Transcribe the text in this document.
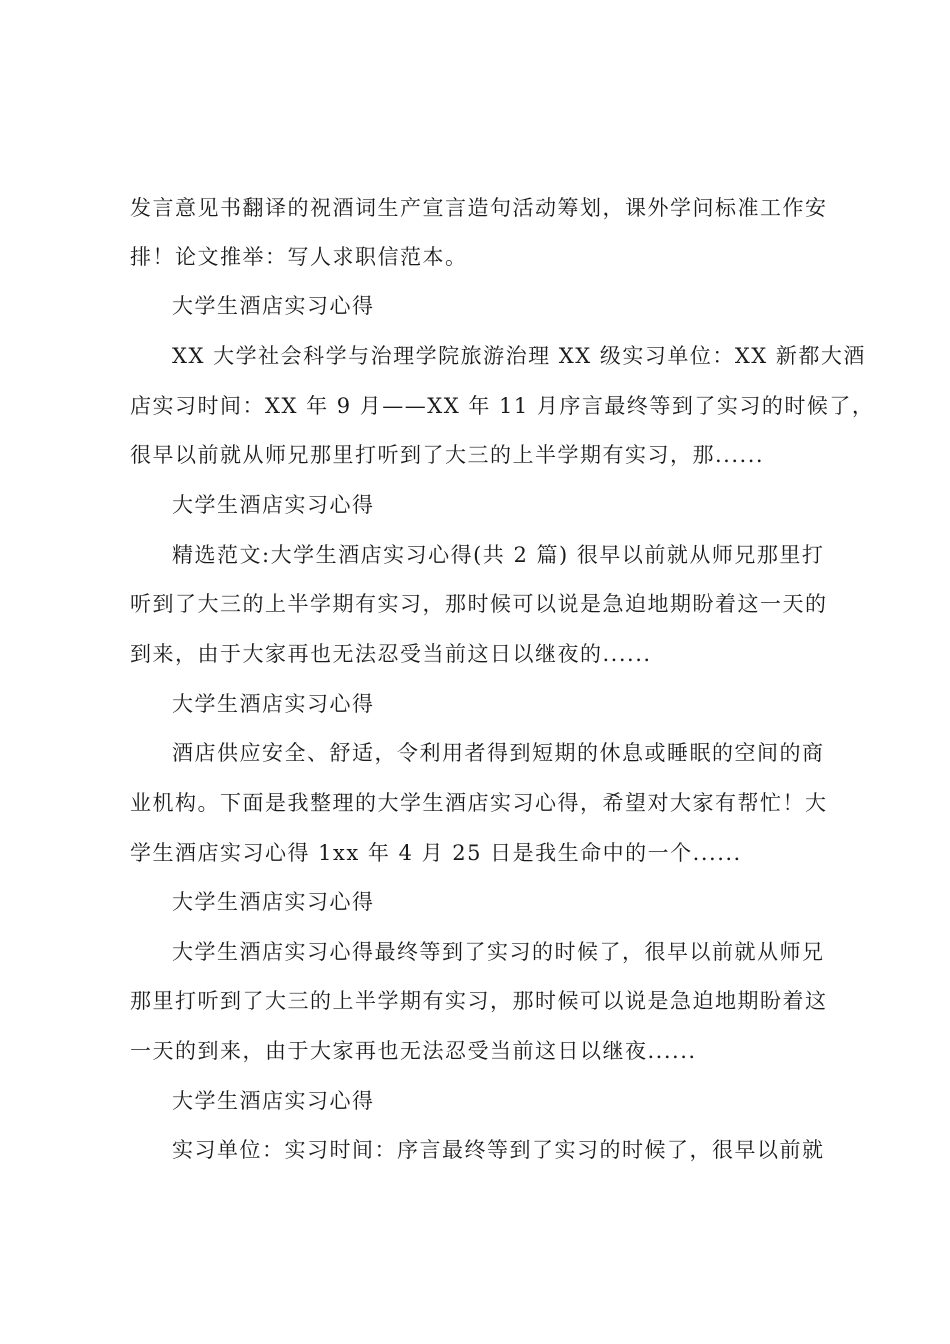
发言意见书翻译的祝酒词生产宣言造句活动筹划，课外学问标准工作安
排！论文推举：写人求职信范本。
大学生酒店实习心得
XX 大学社会科学与治理学院旅游治理 XX 级实习单位：XX 新都大酒
店实习时间：XX 年 9 月——XX 年 11 月序言最终等到了实习的时候了，
很早以前就从师兄那里打听到了大三的上半学期有实习，那......
大学生酒店实习心得
精选范文:大学生酒店实习心得(共 2 篇) 很早以前就从师兄那里打
听到了大三的上半学期有实习，那时候可以说是急迫地期盼着这一天的
到来，由于大家再也无法忍受当前这日以继夜的......
大学生酒店实习心得
酒店供应安全、舒适，令利用者得到短期的休息或睡眠的空间的商
业机构。下面是我整理的大学生酒店实习心得，希望对大家有帮忙！大
学生酒店实习心得 1xx 年 4 月 25 日是我生命中的一个......
大学生酒店实习心得
大学生酒店实习心得最终等到了实习的时候了，很早以前就从师兄
那里打听到了大三的上半学期有实习，那时候可以说是急迫地期盼着这
一天的到来，由于大家再也无法忍受当前这日以继夜......
大学生酒店实习心得
实习单位：实习时间：序言最终等到了实习的时候了，很早以前就
